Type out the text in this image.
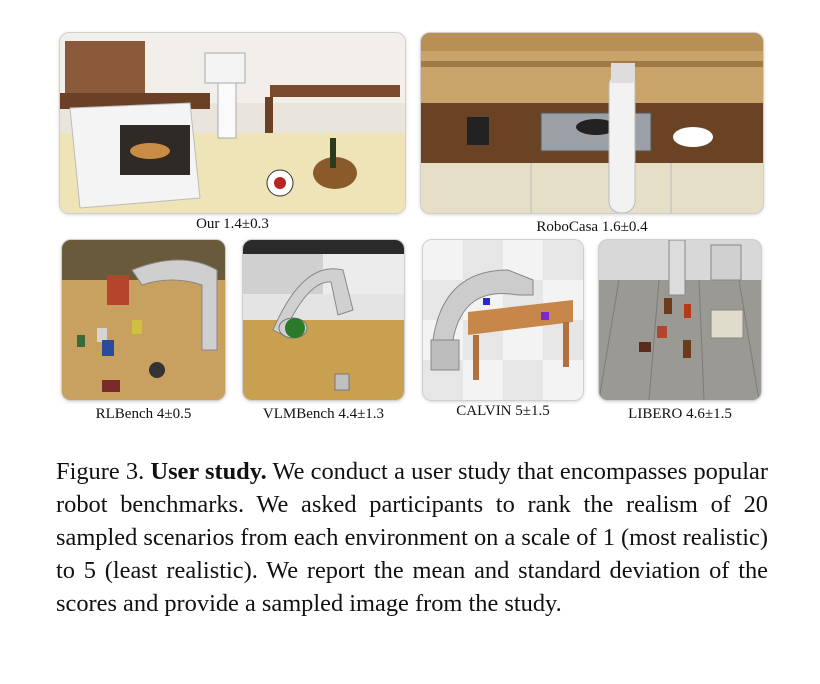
Our 1.4±0.3	RoboCasa 1.6±0.4
RLBench 4±0.5	VLMBench 4.4±1.3	CALVIN 5±1.5	LIBERO 4.6±1.5

Figure 3. User study. We conduct a user study that encompasses popular robot benchmarks. We asked participants to rank the realism of 20 sampled scenarios from each environment on a scale of 1 (most realistic) to 5 (least realistic). We report the mean and standard deviation of the scores and provide a sampled image from the study.
